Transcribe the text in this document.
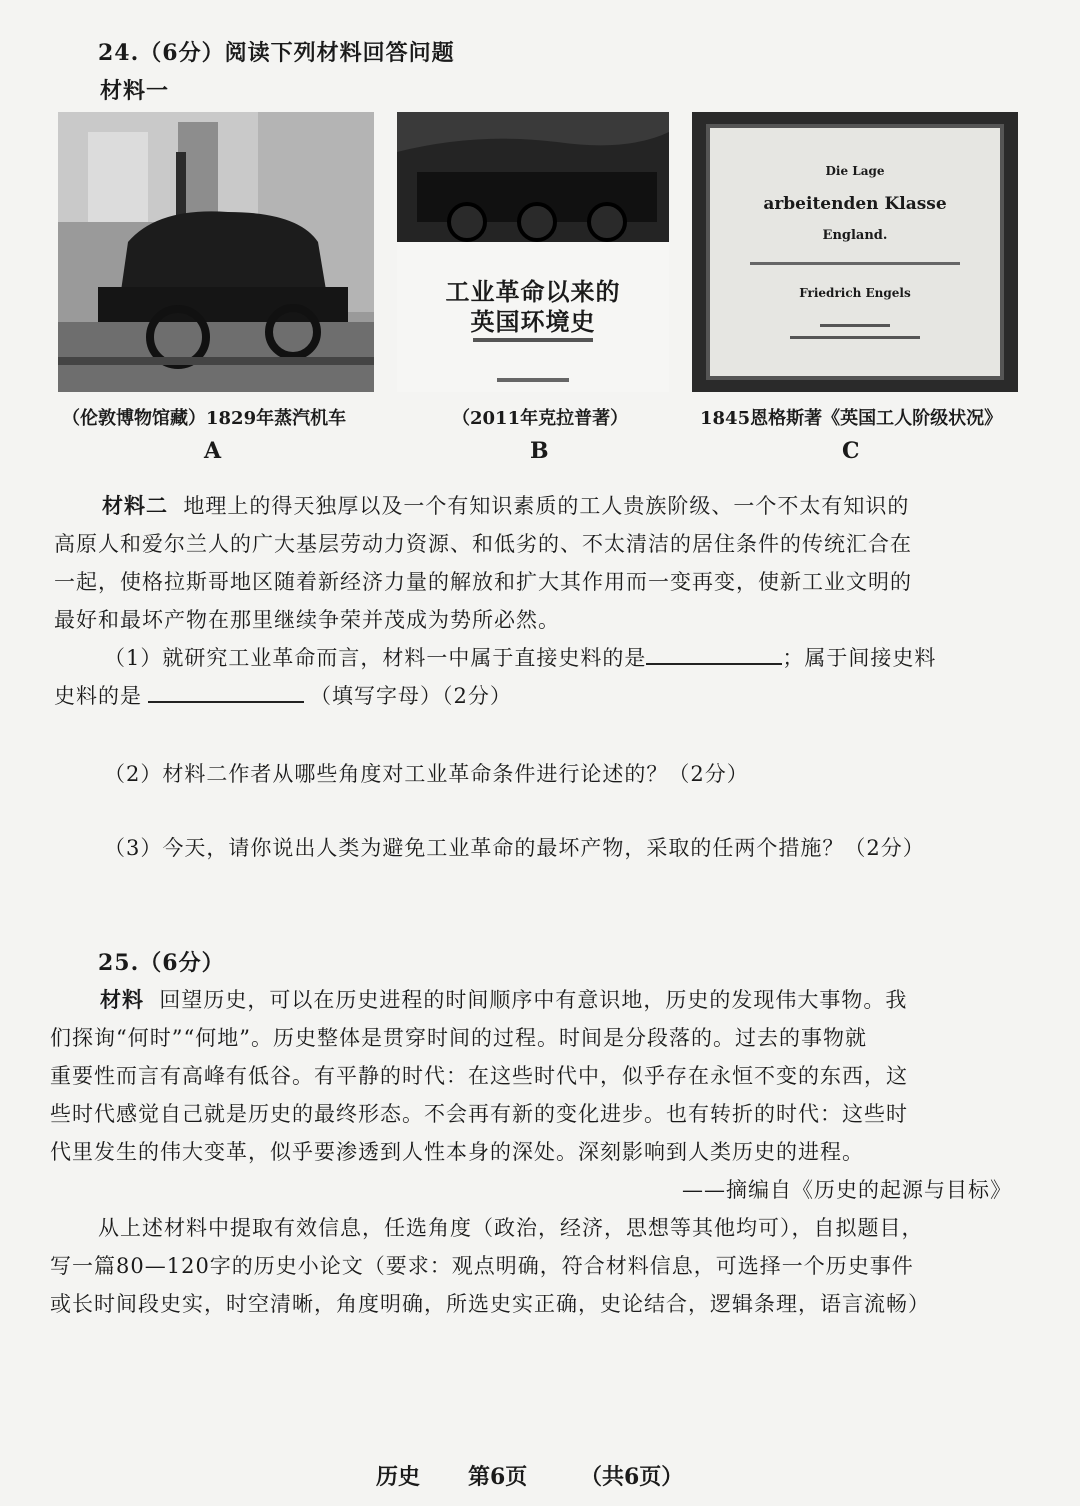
24.（6分）阅读下列材料回答问题
材料一
（伦敦博物馆藏）1829年蒸汽机车
A
工业革命以来的
英国环境史
（2011年克拉普著）
B
Die Lage
arbeitenden Klasse
England.
Friedrich Engels
1845恩格斯著《英国工人阶级状况》
C
材料二 地理上的得天独厚以及一个有知识素质的工人贵族阶级、一个不太有知识的
高原人和爱尔兰人的广大基层劳动力资源、和低劣的、不太清洁的居住条件的传统汇合在
一起，使格拉斯哥地区随着新经济力量的解放和扩大其作用而一变再变，使新工业文明的
最好和最坏产物在那里继续争荣并茂成为势所必然。
（1）就研究工业革命而言，材料一中属于直接史料的是	；属于间接史料
史料的是	（填写字母）（2分）
（2）材料二作者从哪些角度对工业革命条件进行论述的？（2分）
（3）今天，请你说出人类为避免工业革命的最坏产物，采取的任两个措施？（2分）
25.（6分）
材料 回望历史，可以在历史进程的时间顺序中有意识地，历史的发现伟大事物。我
们探询“何时”“何地”。历史整体是贯穿时间的过程。时间是分段落的。过去的事物就
重要性而言有高峰有低谷。有平静的时代：在这些时代中，似乎存在永恒不变的东西，这
些时代感觉自己就是历史的最终形态。不会再有新的变化进步。也有转折的时代：这些时
代里发生的伟大变革，似乎要渗透到人性本身的深处。深刻影响到人类历史的进程。
——摘编自《历史的起源与目标》
从上述材料中提取有效信息，任选角度（政治，经济，思想等其他均可），自拟题目，
写一篇80—120字的历史小论文（要求：观点明确，符合材料信息，可选择一个历史事件
或长时间段史实，时空清晰，角度明确，所选史实正确，史论结合，逻辑条理，语言流畅）
历史 第6页 （共6页）
